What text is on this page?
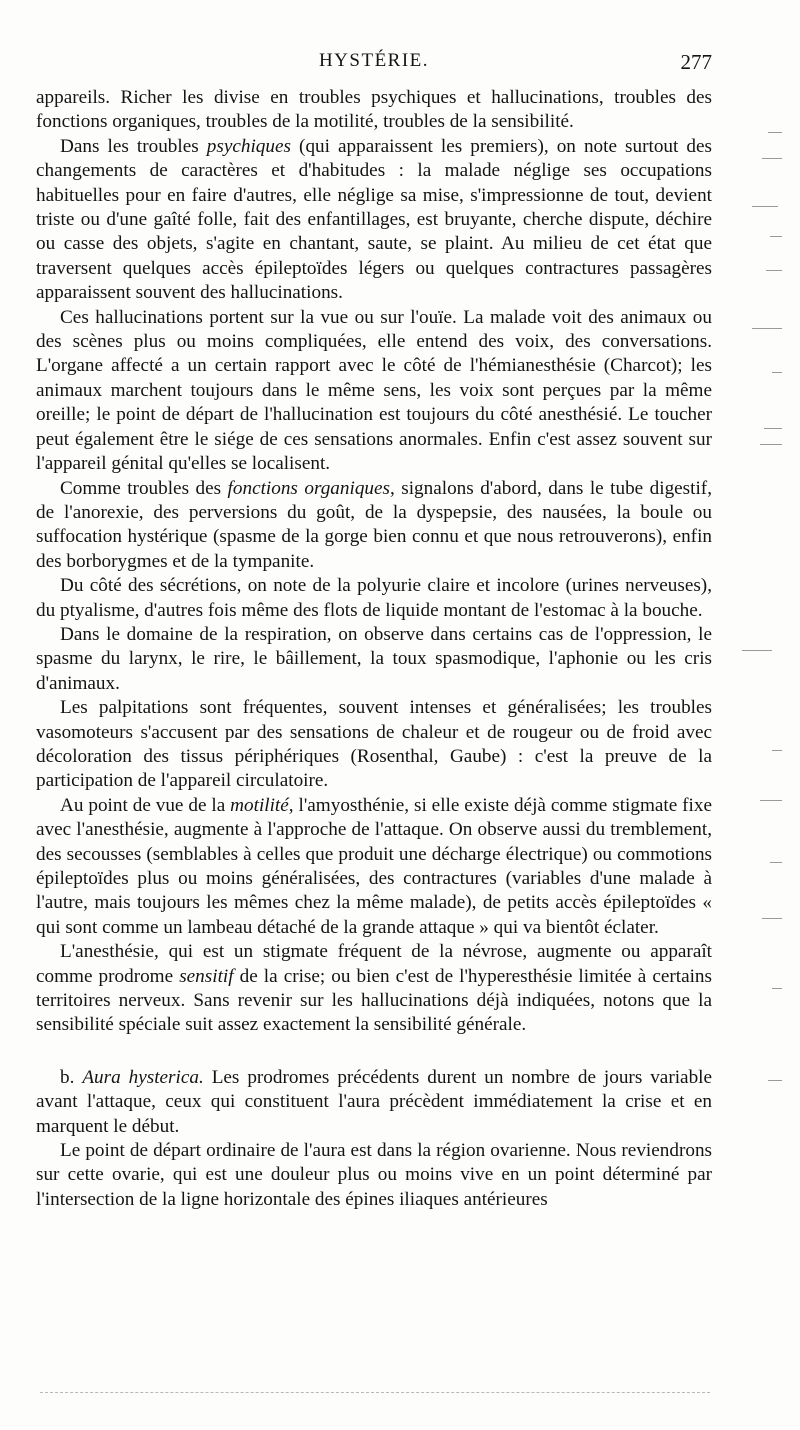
HYSTÉRIE.	277

appareils. Richer les divise en troubles psychiques et hallucinations, troubles des fonctions organiques, troubles de la motilité, troubles de la sensibilité.

Dans les troubles psychiques (qui apparaissent les premiers), on note surtout des changements de caractères et d'habitudes : la malade néglige ses occupations habituelles pour en faire d'autres, elle néglige sa mise, s'impressionne de tout, devient triste ou d'une gaîté folle, fait des enfantillages, est bruyante, cherche dispute, déchire ou casse des objets, s'agite en chantant, saute, se plaint. Au milieu de cet état que traversent quelques accès épileptoïdes légers ou quelques contractures passagères apparaissent souvent des hallucinations.

Ces hallucinations portent sur la vue ou sur l'ouïe. La malade voit des animaux ou des scènes plus ou moins compliquées, elle entend des voix, des conversations. L'organe affecté a un certain rapport avec le côté de l'hémianesthésie (Charcot); les animaux marchent toujours dans le même sens, les voix sont perçues par la même oreille; le point de départ de l'hallucination est toujours du côté anesthésié. Le toucher peut également être le siége de ces sensations anormales. Enfin c'est assez souvent sur l'appareil génital qu'elles se localisent.

Comme troubles des fonctions organiques, signalons d'abord, dans le tube digestif, de l'anorexie, des perversions du goût, de la dyspepsie, des nausées, la boule ou suffocation hystérique (spasme de la gorge bien connu et que nous retrouverons), enfin des borborygmes et de la tympanite.

Du côté des sécrétions, on note de la polyurie claire et incolore (urines nerveuses), du ptyalisme, d'autres fois même des flots de liquide montant de l'estomac à la bouche.

Dans le domaine de la respiration, on observe dans certains cas de l'oppression, le spasme du larynx, le rire, le bâillement, la toux spasmodique, l'aphonie ou les cris d'animaux.

Les palpitations sont fréquentes, souvent intenses et généralisées; les troubles vasomoteurs s'accusent par des sensations de chaleur et de rougeur ou de froid avec décoloration des tissus périphériques (Rosenthal, Gaube) : c'est la preuve de la participation de l'appareil circulatoire.

Au point de vue de la motilité, l'amyosthénie, si elle existe déjà comme stigmate fixe avec l'anesthésie, augmente à l'approche de l'attaque. On observe aussi du tremblement, des secousses (semblables à celles que produit une décharge électrique) ou commotions épileptoïdes plus ou moins généralisées, des contractures (variables d'une malade à l'autre, mais toujours les mêmes chez la même malade), de petits accès épileptoïdes « qui sont comme un lambeau détaché de la grande attaque » qui va bientôt éclater.

L'anesthésie, qui est un stigmate fréquent de la névrose, augmente ou apparaît comme prodrome sensitif de la crise; ou bien c'est de l'hyperesthésie limitée à certains territoires nerveux. Sans revenir sur les hallucinations déjà indiquées, notons que la sensibilité spéciale suit assez exactement la sensibilité générale.

b. Aura hysterica. Les prodromes précédents durent un nombre de jours variable avant l'attaque, ceux qui constituent l'aura précèdent immédiatement la crise et en marquent le début.

Le point de départ ordinaire de l'aura est dans la région ovarienne. Nous reviendrons sur cette ovarie, qui est une douleur plus ou moins vive en un point déterminé par l'intersection de la ligne horizontale des épines iliaques antérieures
